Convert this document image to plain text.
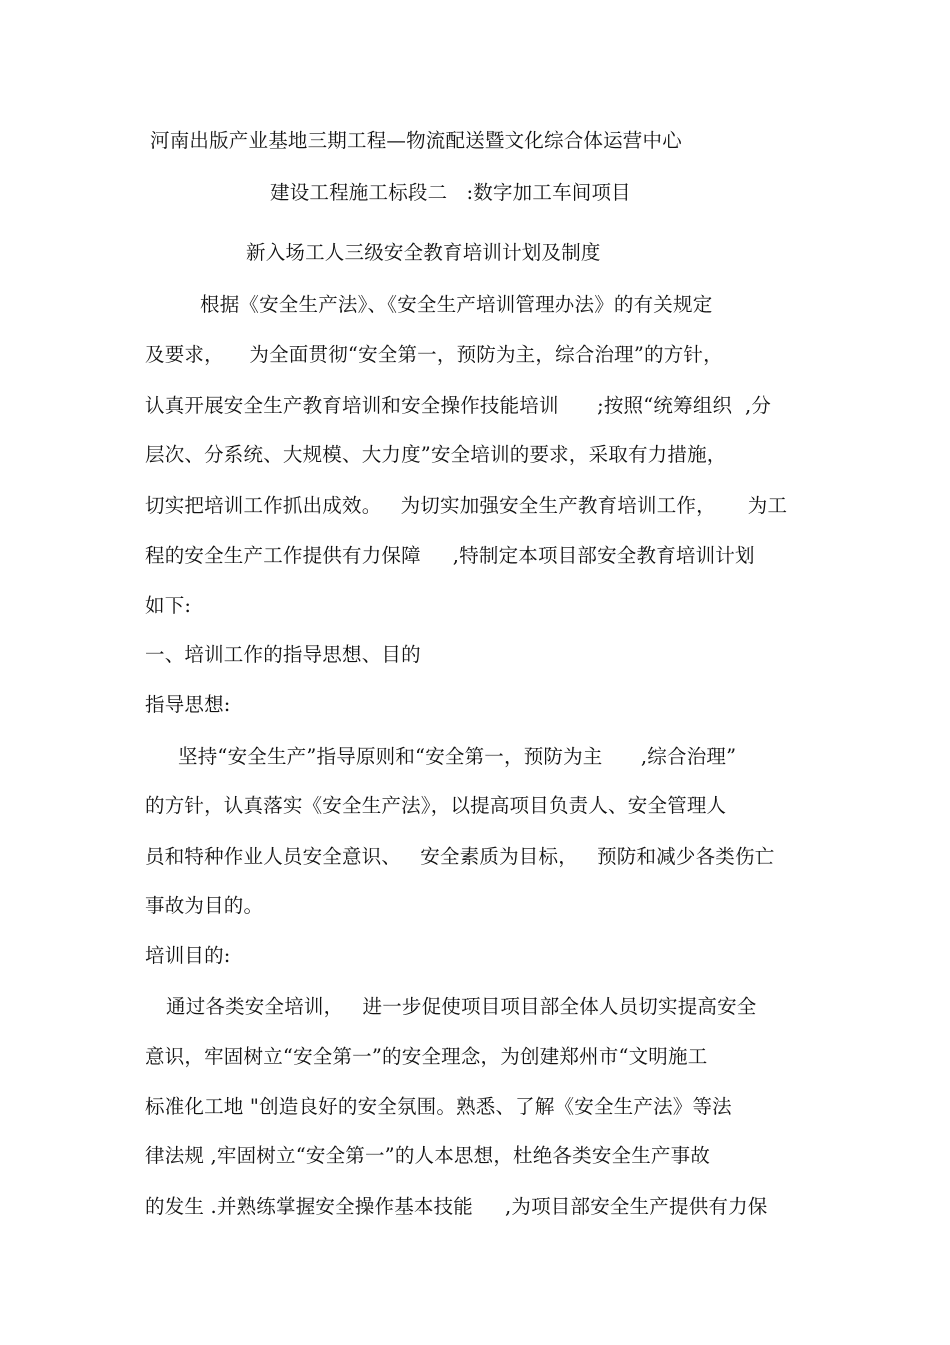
河南出版产业基地三期工程—物流配送暨文化综合体运营中心
建设工程施工标段二   :数字加工车间项目
新入场工人三级安全教育培训计划及制度
根据《安全生产法》、《安全生产培训管理办法》的有关规定
及要求，    为全面贯彻“安全第一，预防为主，综合治理”的方针，
认真开展安全生产教育培训和安全操作技能培训      ;按照“统筹组织  ,分
层次、分系统、大规模、大力度”安全培训的要求，采取有力措施，
切实把培训工作抓出成效。   为切实加强安全生产教育培训工作，     为工
程的安全生产工作提供有力保障     ,特制定本项目部安全教育培训计划
如下:
一、培训工作的指导思想、目的
指导思想:
坚持“安全生产”指导原则和“安全第一，预防为主      ,综合治理”
的方针，认真落实《安全生产法》，以提高项目负责人、安全管理人
员和特种作业人员安全意识、   安全素质为目标，   预防和减少各类伤亡
事故为目的。
培训目的:
通过各类安全培训，   进一步促使项目项目部全体人员切实提高安全
意识，牢固树立“安全第一”的安全理念，为创建郑州市“文明施工
标准化工地 "创造良好的安全氛围。熟悉、了解《安全生产法》等法
律法规 ,牢固树立“安全第一”的人本思想，杜绝各类安全生产事故
的发生 .并熟练掌握安全操作基本技能     ,为项目部安全生产提供有力保
